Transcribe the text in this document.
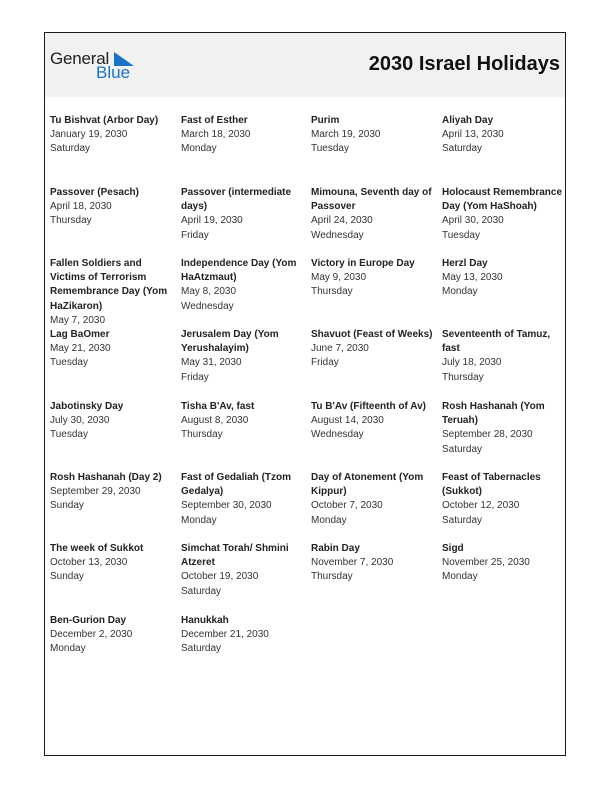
General
Blue	2030 Israel Holidays
Tu Bishvat (Arbor Day)
January 19, 2030
Saturday
Fast of Esther
March 18, 2030
Monday
Purim
March 19, 2030
Tuesday
Aliyah Day
April 13, 2030
Saturday
Passover (Pesach)
April 18, 2030
Thursday
Passover (intermediate days)
April 19, 2030
Friday
Mimouna, Seventh day of Passover
April 24, 2030
Wednesday
Holocaust Remembrance Day (Yom HaShoah)
April 30, 2030
Tuesday
Fallen Soldiers and Victims of Terrorism Remembrance Day (Yom HaZikaron)
May 7, 2030
Independence Day (Yom HaAtzmaut)
May 8, 2030
Wednesday
Victory in Europe Day
May 9, 2030
Thursday
Herzl Day
May 13, 2030
Monday
Lag BaOmer
May 21, 2030
Tuesday
Jerusalem Day (Yom Yerushalayim)
May 31, 2030
Friday
Shavuot (Feast of Weeks)
June 7, 2030
Friday
Seventeenth of Tamuz, fast
July 18, 2030
Thursday
Jabotinsky Day
July 30, 2030
Tuesday
Tisha B'Av, fast
August 8, 2030
Thursday
Tu B'Av (Fifteenth of Av)
August 14, 2030
Wednesday
Rosh Hashanah (Yom Teruah)
September 28, 2030
Saturday
Rosh Hashanah (Day 2)
September 29, 2030
Sunday
Fast of Gedaliah (Tzom Gedalya)
September 30, 2030
Monday
Day of Atonement (Yom Kippur)
October 7, 2030
Monday
Feast of Tabernacles (Sukkot)
October 12, 2030
Saturday
The week of Sukkot
October 13, 2030
Sunday
Simchat Torah/ Shmini Atzeret
October 19, 2030
Saturday
Rabin Day
November 7, 2030
Thursday
Sigd
November 25, 2030
Monday
Ben-Gurion Day
December 2, 2030
Monday
Hanukkah
December 21, 2030
Saturday
